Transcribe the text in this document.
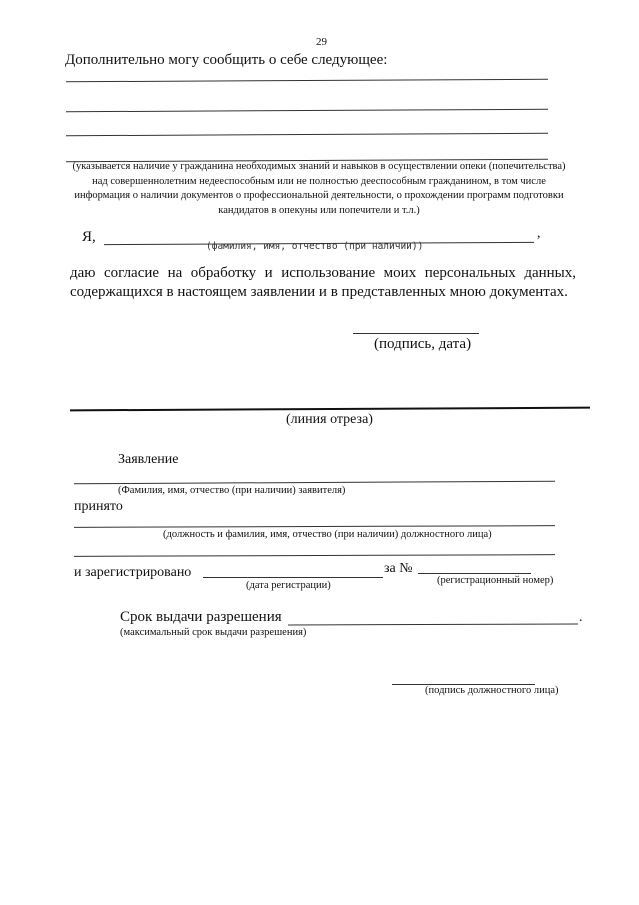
29
Дополнительно могу сообщить о себе следующее:
(указывается наличие у гражданина необходимых знаний и навыков в осуществлении опеки (попечительства)
над совершеннолетним недееспособным или не полностью дееспособным гражданином, в том числе
информация о наличии документов о профессиональной деятельности, о прохождении программ подготовки
кандидатов в опекуны или попечители и т.л.)
Я,	,
(фамилия, имя, отчество (при наличии))
даю согласие на обработку и использование моих персональных данных,
содержащихся в настоящем заявлении и в представленных мною документах.
(подпись, дата)
(линия отреза)
Заявление
(Фамилия, имя, отчество (при наличии) заявителя)
принято
(должность и фамилия, имя, отчество (при наличии) должностного лица)
и зарегистрировано
(дата регистрации)
за №
(регистрационный номер)
Срок выдачи разрешения	.
(максимальный срок выдачи разрешения)
(подпись должностного лица)
